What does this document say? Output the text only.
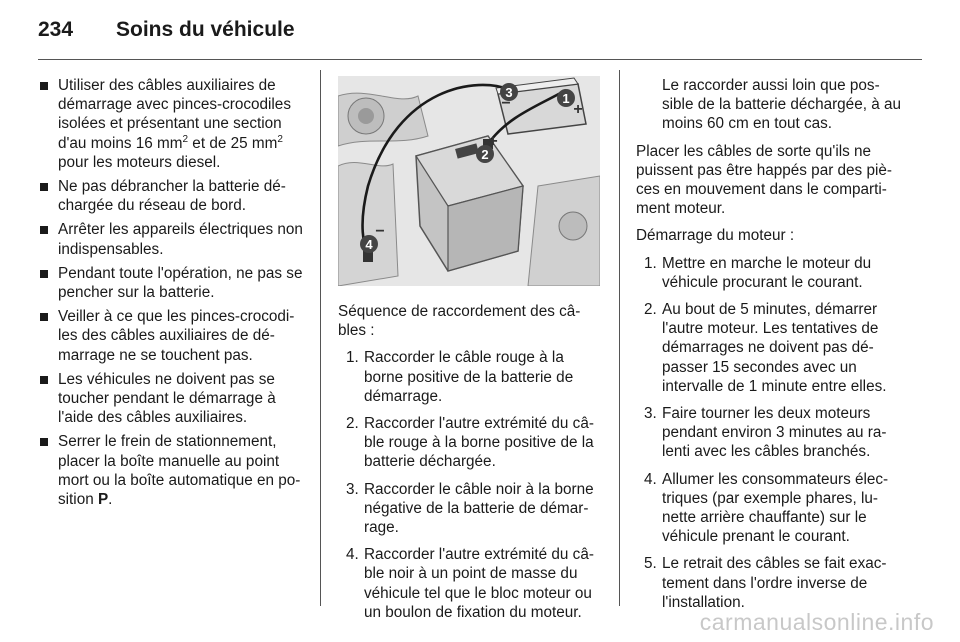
234	Soins du véhicule
Utiliser des câbles auxiliaires de démarrage avec pinces-crocodiles isolées et présentant une section d'au moins 16 $mm^2$ et de 25 $mm^2$ pour les moteurs diesel.
Ne pas débrancher la batterie dé-chargée du réseau de bord.
Arrêter les appareils électriques non indispensables.
Pendant toute l'opération, ne pas se pencher sur la batterie.
Veiller à ce que les pinces-crocodi-les des câbles auxiliaires de dé-marrage ne se touchent pas.
Les véhicules ne doivent pas se toucher pendant le démarrage à l'aide des câbles auxiliaires.
Serrer le frein de stationnement, placer la boîte manuelle au point mort ou la boîte automatique en po-sition P.
1
+
2
+
3
−
4
−
Séquence de raccordement des câ-bles :
1. Raccorder le câble rouge à la borne positive de la batterie de démarrage.
2. Raccorder l'autre extrémité du câ-ble rouge à la borne positive de la batterie déchargée.
3. Raccorder le câble noir à la borne négative de la batterie de démar-rage.
4. Raccorder l'autre extrémité du câ-ble noir à un point de masse du véhicule tel que le bloc moteur ou un boulon de fixation du moteur.
Le raccorder aussi loin que pos-sible de la batterie déchargée, à au moins 60 cm en tout cas.
Placer les câbles de sorte qu'ils ne puissent pas être happés par des piè-ces en mouvement dans le comparti-ment moteur.
Démarrage du moteur :
1. Mettre en marche le moteur du véhicule procurant le courant.
2. Au bout de 5 minutes, démarrer l'autre moteur. Les tentatives de démarrages ne doivent pas dé-passer 15 secondes avec un intervalle de 1 minute entre elles.
3. Faire tourner les deux moteurs pendant environ 3 minutes au ra-lenti avec les câbles branchés.
4. Allumer les consommateurs élec-triques (par exemple phares, lu-nette arrière chauffante) sur le véhicule prenant le courant.
5. Le retrait des câbles se fait exac-tement dans l'ordre inverse de l'installation.
carmanualsonline.info
